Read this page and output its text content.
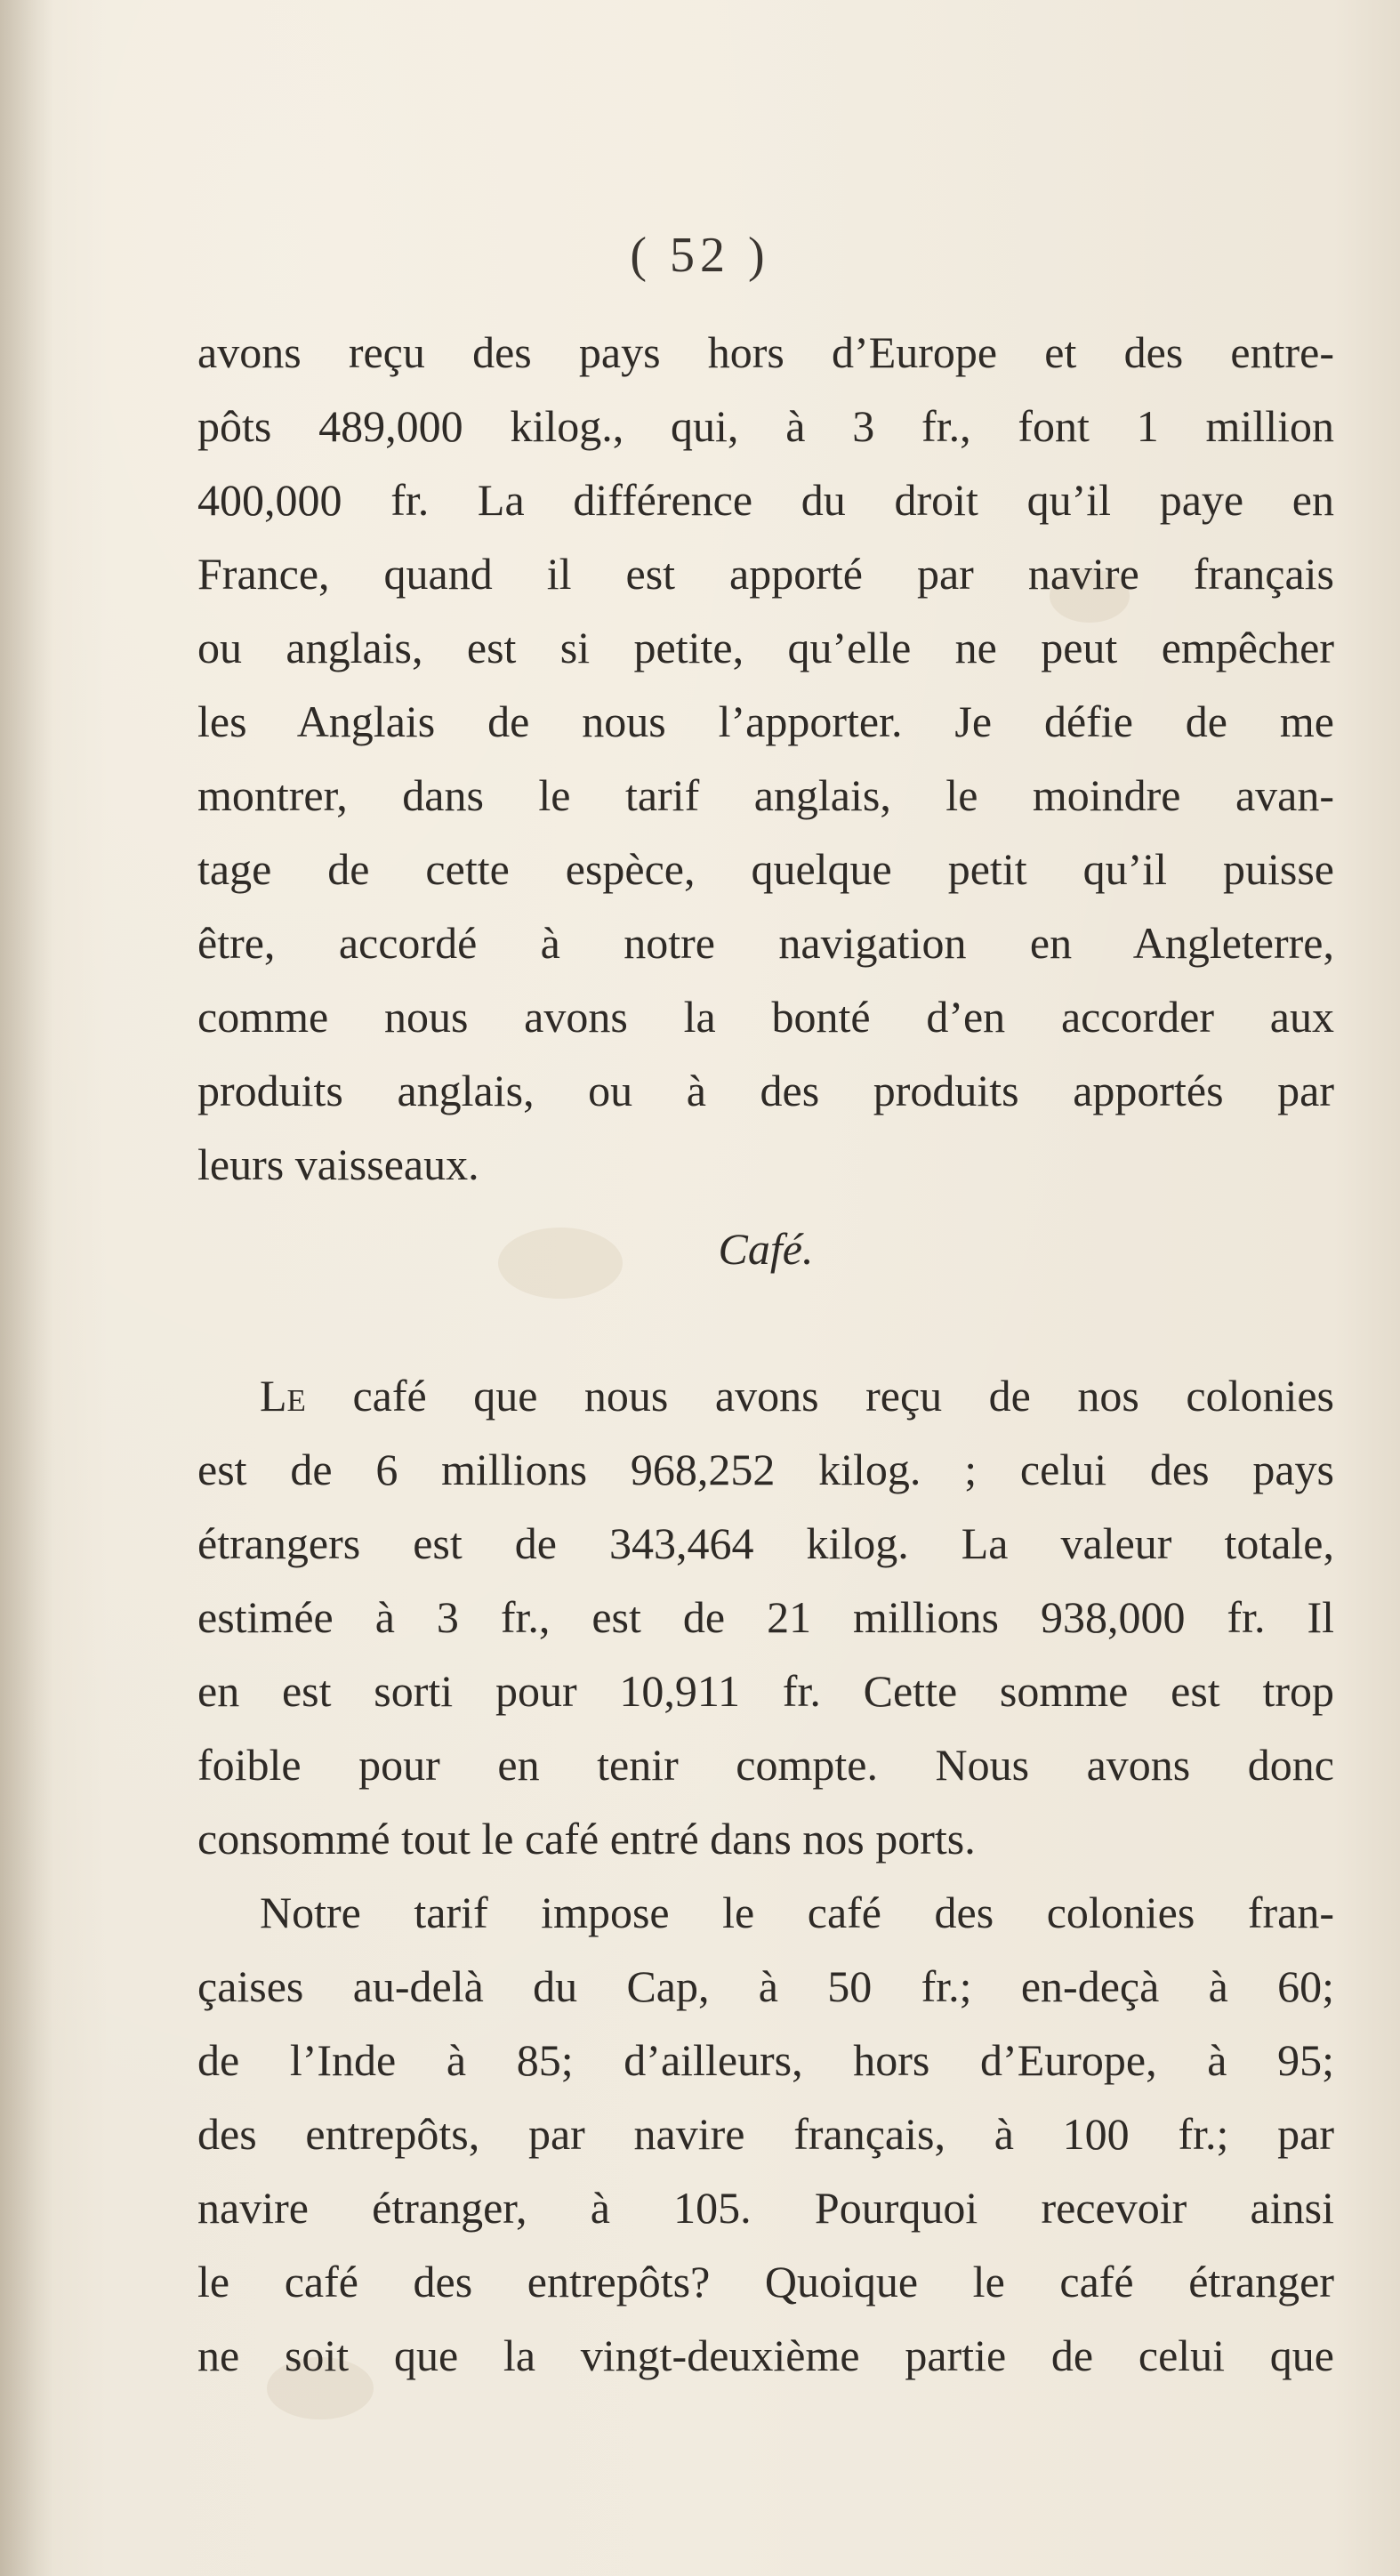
( 52 )
avons reçu des pays hors d’Europe et des entre-
pôts 489,000 kilog., qui, à 3 fr., font 1 million
400,000 fr. La différence du droit qu’il paye en
France, quand il est apporté par navire français
ou anglais, est si petite, qu’elle ne peut empêcher
les Anglais de nous l’apporter. Je défie de me
montrer, dans le tarif anglais, le moindre avan-
tage de cette espèce, quelque petit qu’il puisse
être, accordé à notre navigation en Angleterre,
comme nous avons la bonté d’en accorder aux
produits anglais, ou à des produits apportés par
leurs vaisseaux.
Café.
Le café que nous avons reçu de nos colonies
est de 6 millions 968,252 kilog. ; celui des pays
étrangers est de 343,464 kilog. La valeur totale,
estimée à 3 fr., est de 21 millions 938,000 fr. Il
en est sorti pour 10,911 fr. Cette somme est trop
foible pour en tenir compte. Nous avons donc
consommé tout le café entré dans nos ports.
Notre tarif impose le café des colonies fran-
çaises au-delà du Cap, à 50 fr.; en-deçà à 60;
de l’Inde à 85; d’ailleurs, hors d’Europe, à 95;
des entrepôts, par navire français, à 100 fr.; par
navire étranger, à 105. Pourquoi recevoir ainsi
le café des entrepôts? Quoique le café étranger
ne soit que la vingt-deuxième partie de celui que
